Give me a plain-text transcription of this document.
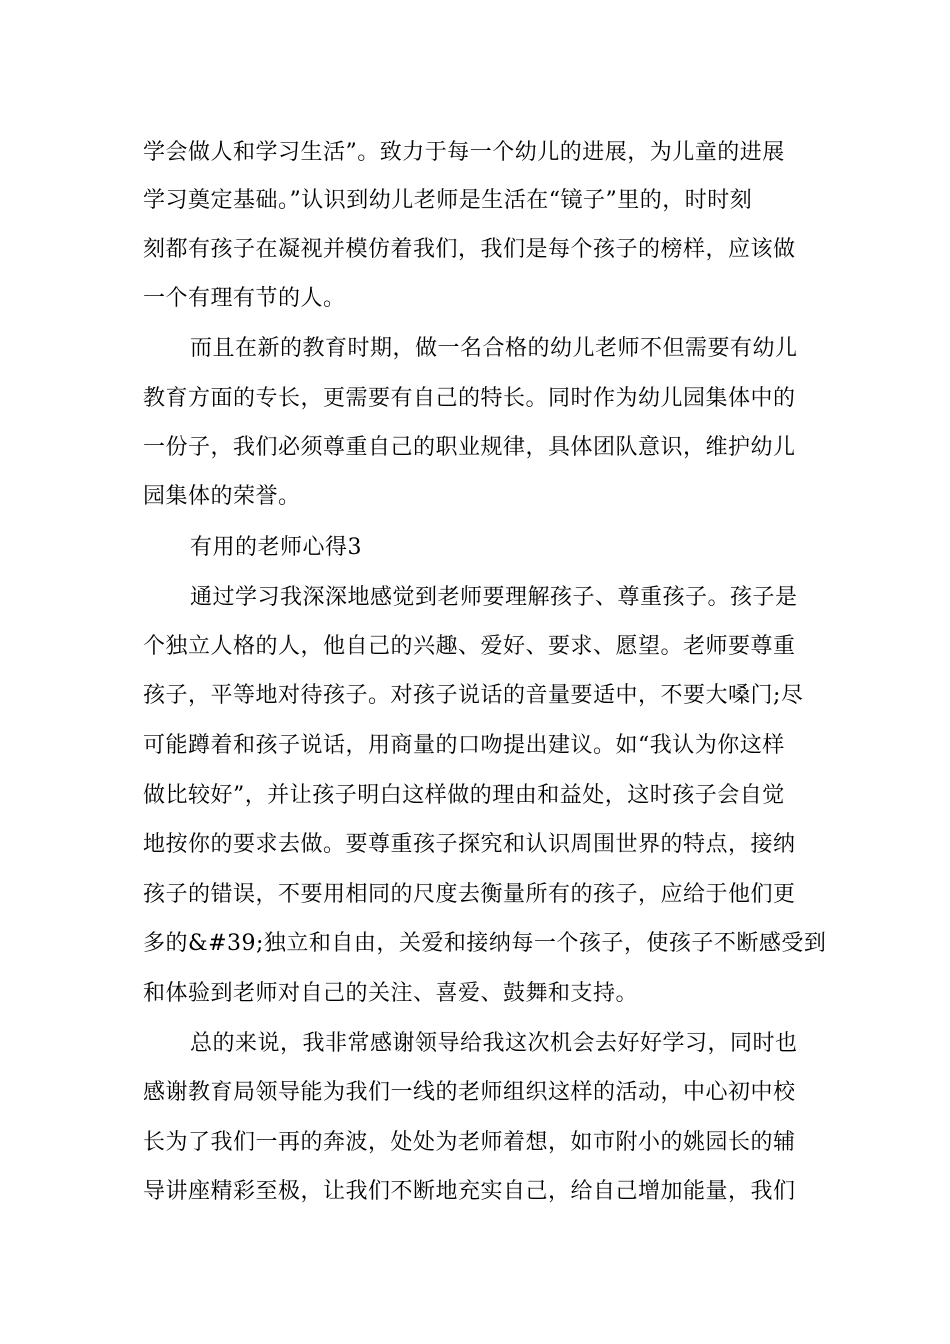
学会做人和学习生活”。致力于每一个幼儿的进展，为儿童的进展
学习奠定基础。”认识到幼儿老师是生活在“镜子”里的，时时刻
刻都有孩子在凝视并模仿着我们，我们是每个孩子的榜样，应该做
一个有理有节的人。
而且在新的教育时期，做一名合格的幼儿老师不但需要有幼儿
教育方面的专长，更需要有自己的特长。同时作为幼儿园集体中的
一份子，我们必须尊重自己的职业规律，具体团队意识，维护幼儿
园集体的荣誉。
有用的老师心得3
通过学习我深深地感觉到老师要理解孩子、尊重孩子。孩子是
个独立人格的人，他自己的兴趣、爱好、要求、愿望。老师要尊重
孩子，平等地对待孩子。对孩子说话的音量要适中，不要大嗓门;尽
可能蹲着和孩子说话，用商量的口吻提出建议。如“我认为你这样
做比较好”，并让孩子明白这样做的理由和益处，这时孩子会自觉
地按你的要求去做。要尊重孩子探究和认识周围世界的特点，接纳
孩子的错误，不要用相同的尺度去衡量所有的孩子，应给于他们更
多的&#39;独立和自由，关爱和接纳每一个孩子，使孩子不断感受到
和体验到老师对自己的关注、喜爱、鼓舞和支持。
总的来说，我非常感谢领导给我这次机会去好好学习，同时也
感谢教育局领导能为我们一线的老师组织这样的活动，中心初中校
长为了我们一再的奔波，处处为老师着想，如市附小的姚园长的辅
导讲座精彩至极，让我们不断地充实自己，给自己增加能量，我们
